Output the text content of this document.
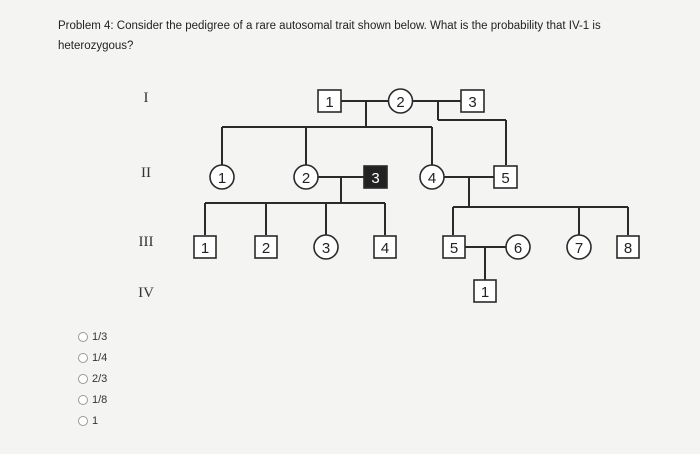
Problem 4: Consider the pedigree of a rare autosomal trait shown below. What is the probability that IV-1 is heterozygous?
I
II
III
IV
1	2	3
1	2	3	4	5
1	2	3	4	5	6	7	8
1
1/3
1/4
2/3
1/8
1
